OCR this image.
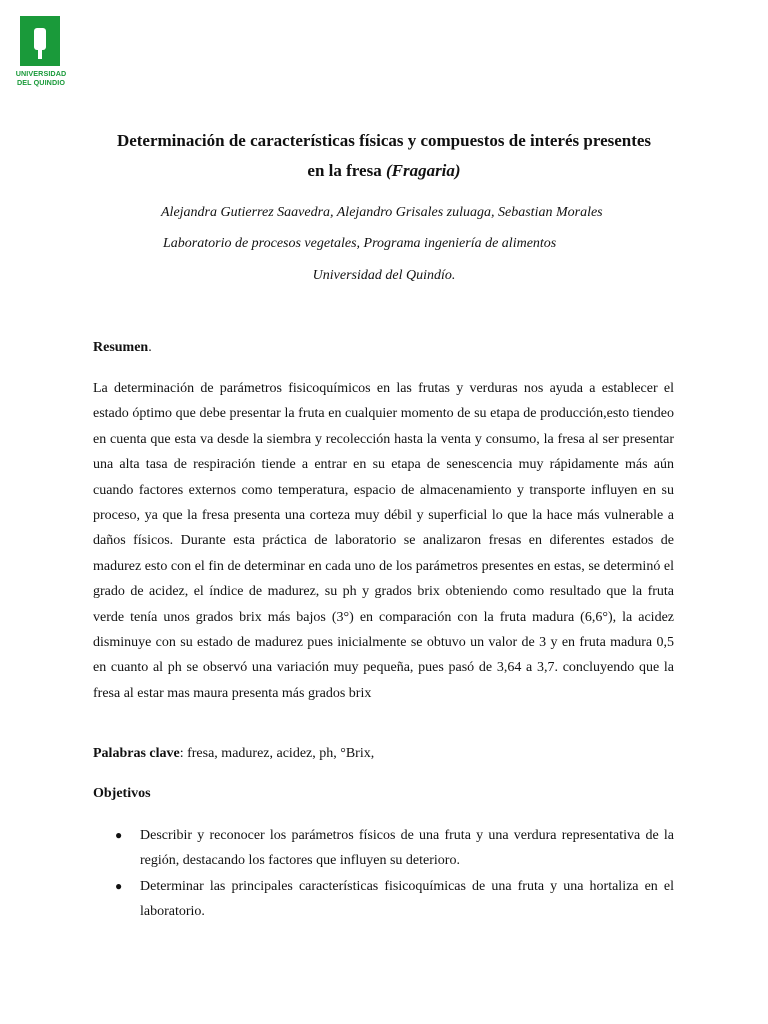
UNIVERSIDAD
DEL QUINDIO

Determinación de características físicas y compuestos de interés presentes

en la fresa (Fragaria)

Alejandra Gutierrez Saavedra, Alejandro Grisales zuluaga, Sebastian Morales

Laboratorio de procesos vegetales, Programa ingeniería de alimentos

Universidad del Quindío.

Resumen.

La determinación de parámetros fisicoquímicos en las frutas y verduras nos ayuda a establecer el estado óptimo que debe presentar la fruta en cualquier momento de su etapa de producción,esto tiendeo en cuenta que esta va desde la siembra y recolección hasta la venta y consumo, la fresa al ser presentar una alta tasa de respiración tiende a entrar en su etapa de senescencia muy rápidamente más aún cuando factores externos como temperatura, espacio de almacenamiento y transporte influyen en su proceso, ya que la fresa presenta una corteza muy débil y superficial lo que la hace más vulnerable a daños físicos. Durante esta práctica de laboratorio se analizaron fresas en diferentes estados de madurez esto con el fin de determinar en cada uno de los parámetros presentes en estas, se determinó el grado de acidez, el índice de madurez, su ph y grados brix obteniendo como resultado que la fruta verde tenía unos grados brix más bajos (3°) en comparación con la fruta madura (6,6°), la acidez disminuye con su estado de madurez pues inicialmente se obtuvo un valor de 3 y en fruta madura 0,5 en cuanto al ph se observó una variación muy pequeña, pues pasó de 3,64 a 3,7. concluyendo que la fresa al estar mas maura presenta más grados brix

Palabras clave: fresa, madurez, acidez, ph, °Brix,

Objetivos

● Describir y reconocer los parámetros físicos de una fruta y una verdura representativa de la región, destacando los factores que influyen su deterioro.
● Determinar las principales características fisicoquímicas de una fruta y una hortaliza en el laboratorio.
